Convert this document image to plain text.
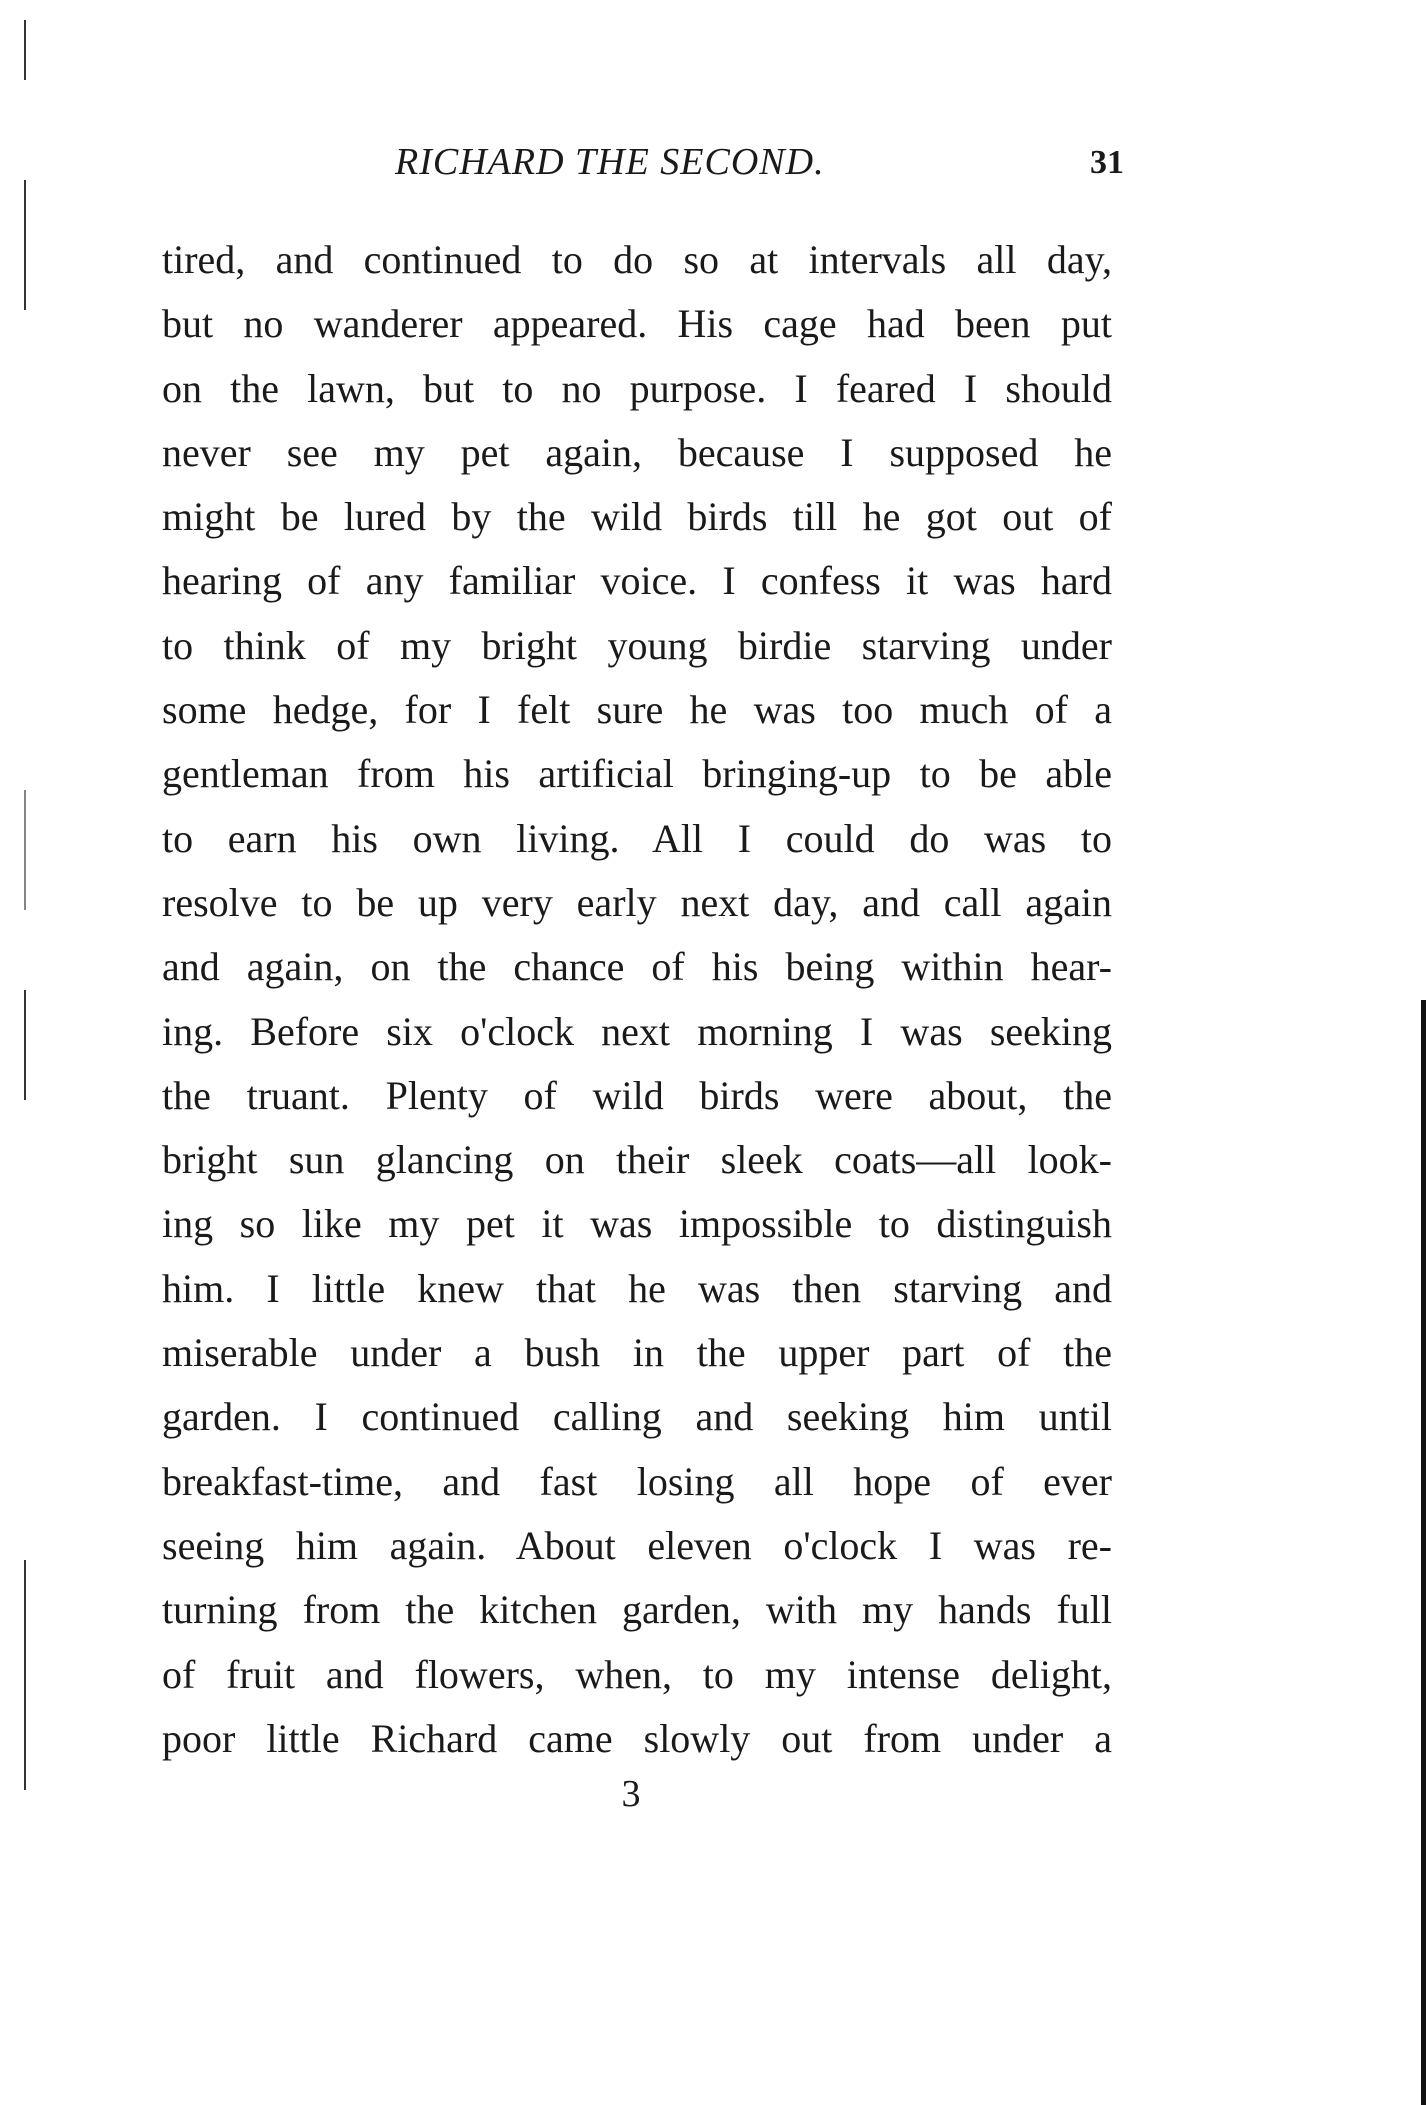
RICHARD THE SECOND.	31
tired, and continued to do so at intervals all day,
but no wanderer appeared. His cage had been put
on the lawn, but to no purpose. I feared I should
never see my pet again, because I supposed he
might be lured by the wild birds till he got out of
hearing of any familiar voice. I confess it was hard
to think of my bright young birdie starving under
some hedge, for I felt sure he was too much of a
gentleman from his artificial bringing-up to be able
to earn his own living. All I could do was to
resolve to be up very early next day, and call again
and again, on the chance of his being within hear-
ing. Before six o'clock next morning I was seeking
the truant. Plenty of wild birds were about, the
bright sun glancing on their sleek coats—all look-
ing so like my pet it was impossible to distinguish
him. I little knew that he was then starving and
miserable under a bush in the upper part of the
garden. I continued calling and seeking him until
breakfast-time, and fast losing all hope of ever
seeing him again. About eleven o'clock I was re-
turning from the kitchen garden, with my hands full
of fruit and flowers, when, to my intense delight,
poor little Richard came slowly out from under a
3
